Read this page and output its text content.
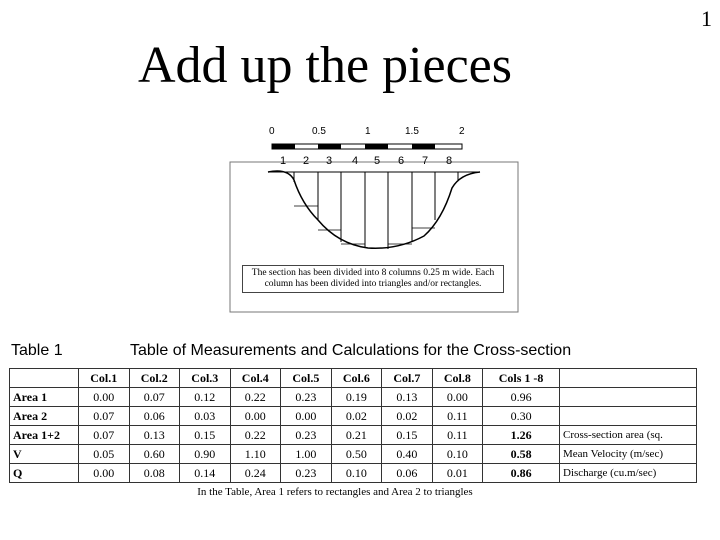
1
Add up the pieces
0	0.5	1	1.5	2
1 2 3 4 5 6 7 8
The section has been divided into 8 columns 0.25 m wide. Each column has been divided into triangles and/or rectangles.
Table 1	Table of Measurements and Calculations for the Cross-section
	Col.1	Col.2	Col.3	Col.4	Col.5	Col.6	Col.7	Col.8	Cols 1 -8	
Area 1	0.00	0.07	0.12	0.22	0.23	0.19	0.13	0.00	0.96	
Area 2	0.07	0.06	0.03	0.00	0.00	0.02	0.02	0.11	0.30	
Area 1+2	0.07	0.13	0.15	0.22	0.23	0.21	0.15	0.11	1.26	Cross-section area (sq.
V	0.05	0.60	0.90	1.10	1.00	0.50	0.40	0.10	0.58	Mean Velocity (m/sec)
Q	0.00	0.08	0.14	0.24	0.23	0.10	0.06	0.01	0.86	Discharge (cu.m/sec)
In the Table, Area 1 refers to rectangles and Area 2 to triangles
